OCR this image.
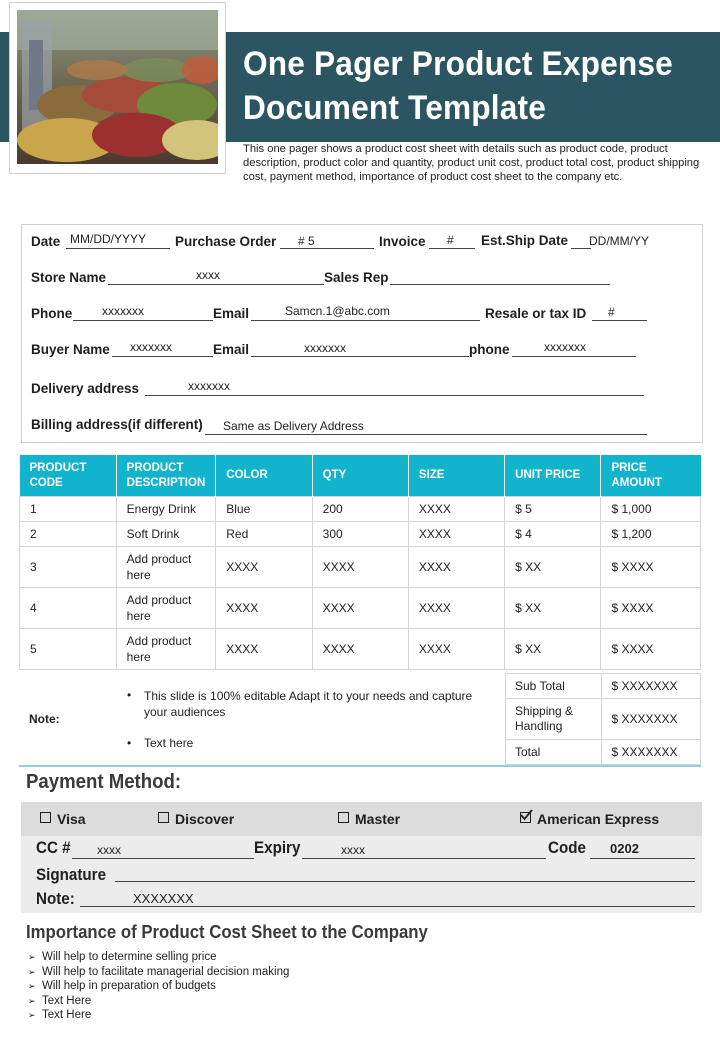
One Pager Product Expense
Document Template
This one pager shows a product cost sheet with details such as product code, product description, product color and quantity, product unit cost, product total cost, product shipping cost, payment method, importance of product cost sheet to the company etc.
Date MM/DD/YYYY Purchase Order # 5	Invoice # Est.Ship Date DD/MM/YY
Store Name	xxxx	Sales Rep
Phone xxxxxxx	Email	Samcn.1@abc.com	Resale or tax ID #
Buyer Name xxxxxxx	Email	xxxxxxx	phone	xxxxxxx
Delivery address	xxxxxxx
Billing address(if different) Same as Delivery Address
PRODUCT CODE	PRODUCT DESCRIPTION	COLOR	QTY	SIZE	UNIT PRICE	PRICE AMOUNT
1	Energy Drink	Blue	200	XXXX	$ 5	$ 1,000
2	Soft Drink	Red	300	XXXX	$ 4	$ 1,200
3	Add product here	XXXX	XXXX	XXXX	$ XX	$ XXXX
4	Add product here	XXXX	XXXX	XXXX	$ XX	$ XXXX
5	Add product here	XXXX	XXXX	XXXX	$ XX	$ XXXX
Note:
• This slide is 100% editable Adapt it to your needs and capture your audiences
• Text here
Sub Total	$ XXXXXXX
Shipping & Handling	$ XXXXXXX
Total	$ XXXXXXX
Payment Method:
Visa	Discover	Master	American Express
CC # xxxx	Expiry	xxxx	Code 0202
Signature
Note:	XXXXXXX
Importance of Product Cost Sheet to the Company
➢ Will help to determine selling price
➢ Will help to facilitate managerial decision making
➢ Will help in preparation of budgets
➢ Text Here
➢ Text Here
